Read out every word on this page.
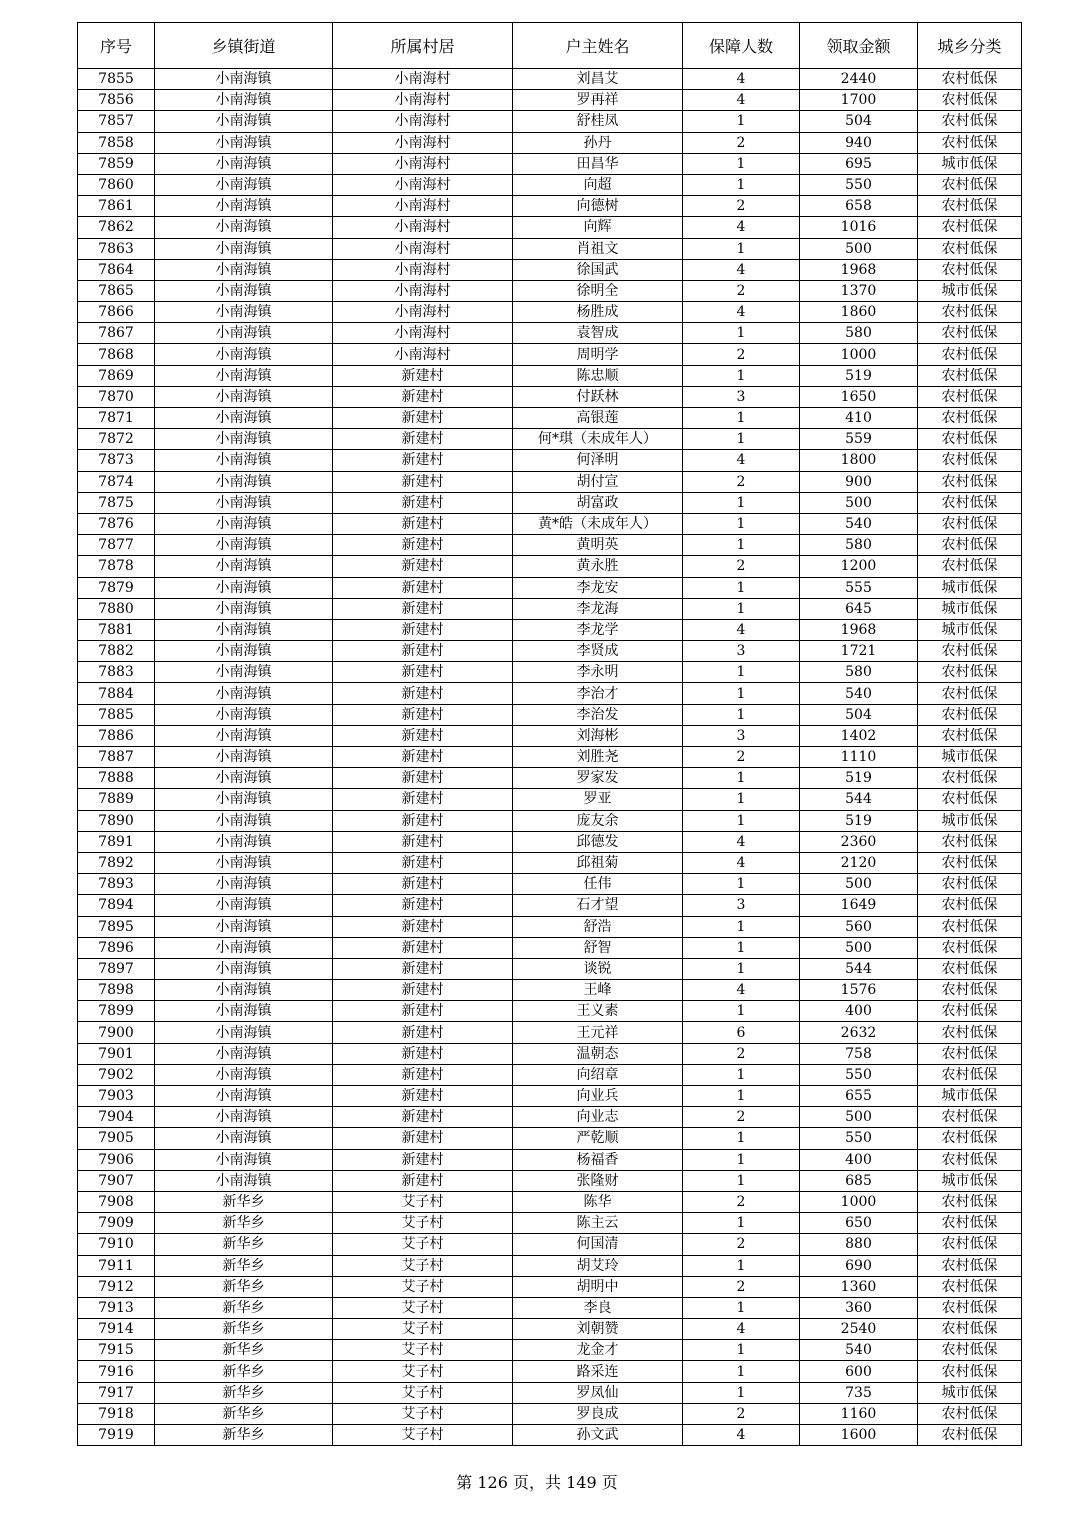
序号	乡镇街道	所属村居	户主姓名	保障人数	领取金额	城乡分类
7855	小南海镇	小南海村	刘昌艾	4	2440	农村低保
7856	小南海镇	小南海村	罗再祥	4	1700	农村低保
7857	小南海镇	小南海村	舒桂凤	1	504	农村低保
7858	小南海镇	小南海村	孙丹	2	940	农村低保
7859	小南海镇	小南海村	田昌华	1	695	城市低保
7860	小南海镇	小南海村	向超	1	550	农村低保
7861	小南海镇	小南海村	向德树	2	658	农村低保
7862	小南海镇	小南海村	向辉	4	1016	农村低保
7863	小南海镇	小南海村	肖祖文	1	500	农村低保
7864	小南海镇	小南海村	徐国武	4	1968	农村低保
7865	小南海镇	小南海村	徐明全	2	1370	城市低保
7866	小南海镇	小南海村	杨胜成	4	1860	农村低保
7867	小南海镇	小南海村	袁智成	1	580	农村低保
7868	小南海镇	小南海村	周明学	2	1000	农村低保
7869	小南海镇	新建村	陈忠顺	1	519	农村低保
7870	小南海镇	新建村	付跃林	3	1650	农村低保
7871	小南海镇	新建村	高银莲	1	410	农村低保
7872	小南海镇	新建村	何*琪（未成年人）	1	559	农村低保
7873	小南海镇	新建村	何泽明	4	1800	农村低保
7874	小南海镇	新建村	胡付宣	2	900	农村低保
7875	小南海镇	新建村	胡富政	1	500	农村低保
7876	小南海镇	新建村	黄*皓（未成年人）	1	540	农村低保
7877	小南海镇	新建村	黄明英	1	580	农村低保
7878	小南海镇	新建村	黄永胜	2	1200	农村低保
7879	小南海镇	新建村	李龙安	1	555	城市低保
7880	小南海镇	新建村	李龙海	1	645	城市低保
7881	小南海镇	新建村	李龙学	4	1968	城市低保
7882	小南海镇	新建村	李贤成	3	1721	农村低保
7883	小南海镇	新建村	李永明	1	580	农村低保
7884	小南海镇	新建村	李治才	1	540	农村低保
7885	小南海镇	新建村	李治发	1	504	农村低保
7886	小南海镇	新建村	刘海彬	3	1402	农村低保
7887	小南海镇	新建村	刘胜尧	2	1110	城市低保
7888	小南海镇	新建村	罗家发	1	519	农村低保
7889	小南海镇	新建村	罗亚	1	544	农村低保
7890	小南海镇	新建村	庞友余	1	519	城市低保
7891	小南海镇	新建村	邱德发	4	2360	农村低保
7892	小南海镇	新建村	邱祖菊	4	2120	农村低保
7893	小南海镇	新建村	任伟	1	500	农村低保
7894	小南海镇	新建村	石才望	3	1649	农村低保
7895	小南海镇	新建村	舒浩	1	560	农村低保
7896	小南海镇	新建村	舒智	1	500	农村低保
7897	小南海镇	新建村	谈锐	1	544	农村低保
7898	小南海镇	新建村	王峰	4	1576	农村低保
7899	小南海镇	新建村	王义素	1	400	农村低保
7900	小南海镇	新建村	王元祥	6	2632	农村低保
7901	小南海镇	新建村	温朝态	2	758	农村低保
7902	小南海镇	新建村	向绍章	1	550	农村低保
7903	小南海镇	新建村	向业兵	1	655	城市低保
7904	小南海镇	新建村	向业志	2	500	农村低保
7905	小南海镇	新建村	严乾顺	1	550	农村低保
7906	小南海镇	新建村	杨福香	1	400	农村低保
7907	小南海镇	新建村	张隆财	1	685	城市低保
7908	新华乡	艾子村	陈华	2	1000	农村低保
7909	新华乡	艾子村	陈主云	1	650	农村低保
7910	新华乡	艾子村	何国清	2	880	农村低保
7911	新华乡	艾子村	胡艾玲	1	690	农村低保
7912	新华乡	艾子村	胡明中	2	1360	农村低保
7913	新华乡	艾子村	李良	1	360	农村低保
7914	新华乡	艾子村	刘朝赞	4	2540	农村低保
7915	新华乡	艾子村	龙金才	1	540	农村低保
7916	新华乡	艾子村	路采连	1	600	农村低保
7917	新华乡	艾子村	罗凤仙	1	735	城市低保
7918	新华乡	艾子村	罗良成	2	1160	农村低保
7919	新华乡	艾子村	孙文武	4	1600	农村低保
第 126 页，共 149 页
